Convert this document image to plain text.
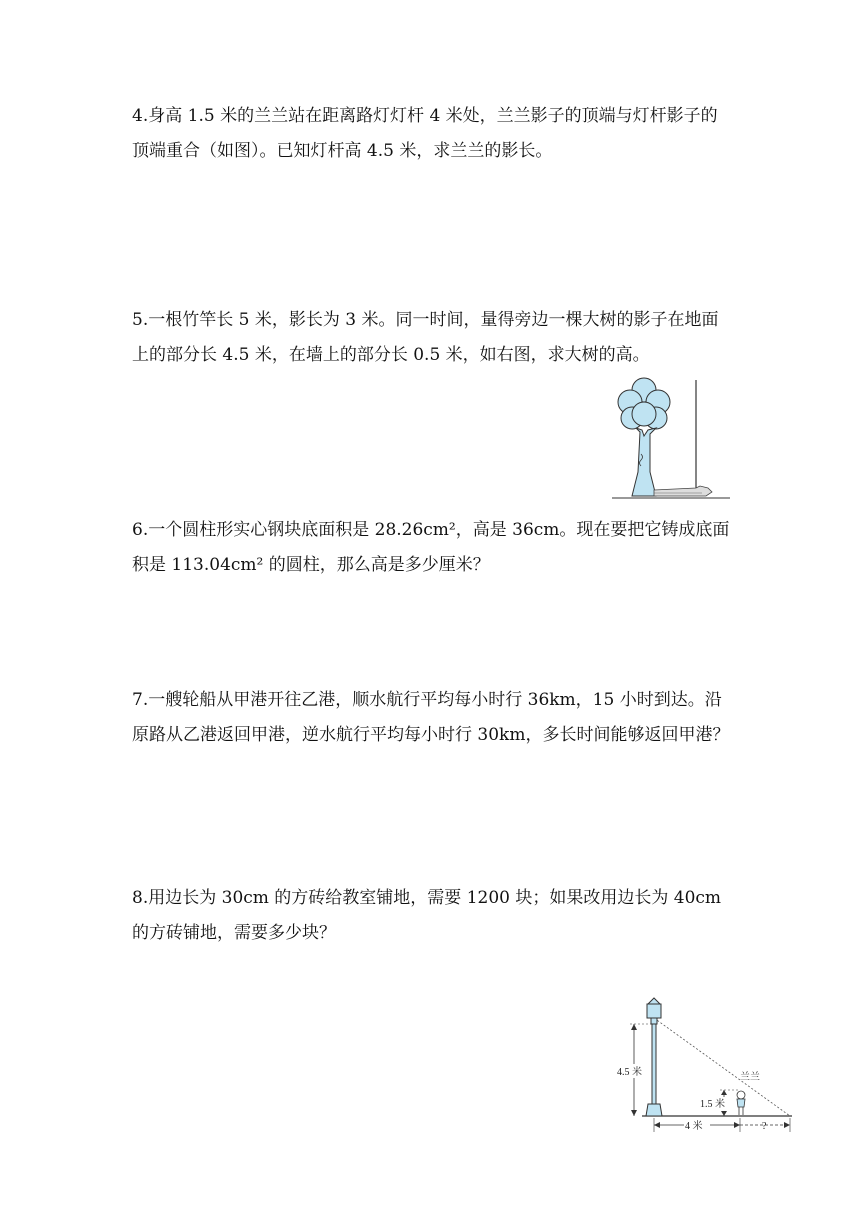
4.身高 1.5 米的兰兰站在距离路灯灯杆 4 米处，兰兰影子的顶端与灯杆影子的顶端重合（如图）。已知灯杆高 4.5 米，求兰兰的影长。

5.一根竹竿长 5 米，影长为 3 米。同一时间，量得旁边一棵大树的影子在地面上的部分长 4.5 米，在墙上的部分长 0.5 米，如右图，求大树的高。

6.一个圆柱形实心钢块底面积是 28.26cm²，高是 36cm。现在要把它铸成底面积是 113.04cm² 的圆柱，那么高是多少厘米？

7.一艘轮船从甲港开往乙港，顺水航行平均每小时行 36km，15 小时到达。沿原路从乙港返回甲港，逆水航行平均每小时行 30km，多长时间能够返回甲港？

8.用边长为 30cm 的方砖给教室铺地，需要 1200 块；如果改用边长为 40cm 的方砖铺地，需要多少块？

4.5 米	兰兰
1.5 米
4 米	?
